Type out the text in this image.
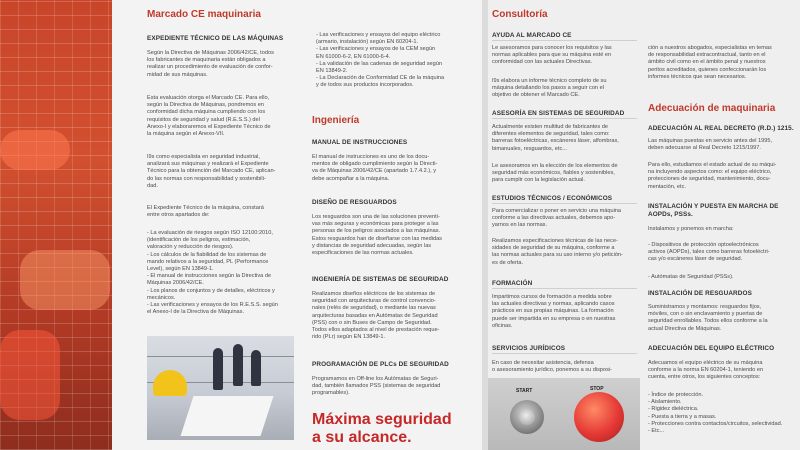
Marcado CE maquinaria
EXPEDIENTE TÉCNICO DE LAS MÁQUINAS
Según la Directiva de Máquinas 2006/42/CE, todos
los fabricantes de maquinaria están obligados a
realizar un procedimiento de evaluación de confor-
midad de sus máquinas.
Esta evaluación otorga el Marcado CE. Para ello,
según la Directiva de Máquinas, pondremos en
conformidad dicha máquina cumpliendo con los
requisitos de seguridad y salud (R.E.S.S.) del
Anexo-I y elaboraremos el Expediente Técnico de
la máquina según el Anexo-VII.
I9s como especialista en seguridad industrial,
analizará sus máquinas y realizará el Expediente
Técnico para la obtención del Marcado CE, aplican-
do las normas con responsabilidad y sostenibili-
dad.
El Expediente Técnico de la máquina, constará
entre otros apartados de:
- La evaluación de riesgos según ISO 12100:2010,
(identificación de los peligros, estimación,
valoración y reducción de riesgos).
- Los cálculos de la fiabilidad de los sistemas de
mando relativos a la seguridad, PL (Performance
Level), según EN 13849-1.
- El manual de instrucciones según la Directiva de
Máquinas 2006/42/CE.
- Los planos de conjuntos y de detalles, eléctricos y
mecánicos.
- Las verificaciones y ensayos de los R.E.S.S. según
el Anexo-I de la Directiva de Máquinas.
- Las verificaciones y ensayos del equipo eléctrico
(armario, instalación) según EN 60204-1.
- Las verificaciones y ensayos de la CEM según
EN 61000-6-2, EN 61000-6-4.
- La validación de las cadenas de seguridad según
EN 13849-2.
- La Declaración de Conformidad CE de la máquina
y de todos sus productos incorporados.
Ingeniería
MANUAL DE INSTRUCCIONES
El manual de instrucciones es uno de los docu-
mentos de obligado cumplimiento según la Directi-
va de Máquinas 2006/42/CE (apartado 1.7.4.2.), y
debe acompañar a la máquina.
DISEÑO DE RESGUARDOS
Los resguardos son una de las soluciones preventi-
vas más seguras y económicas para proteger a las
personas de los peligros asociados a las máquinas.
Estos resguardos han de diseñarse con las medidas
y distancias de seguridad adecuadas, según las
especificaciones de las normas actuales.
INGENIERÍA DE SISTEMAS DE SEGURIDAD
Realizamos diseños eléctricos de los sistemas de
seguridad con arquitecturas de control convencio-
nales (relés de seguridad), o mediante las nuevas
arquitecturas basadas en Autómatas de Seguridad
(PSS) con o sin Buses de Campo de Seguridad.
Todos ellos adaptados al nivel de prestación reque-
rido (PLr) según EN 13849-1.
PROGRAMACIÓN DE PLCs DE SEGURIDAD
Programamos en Off-line los Autómatas de Seguri-
dad, también llamados PSS (sistemas de seguridad
programables).
Máxima seguridad
a su alcance.
Consultoría
AYUDA AL MARCADO CE
Le asesoramos para conocer los requisitos y las
normas aplicables para que su máquina esté en
conformidad con las actuales Directivas.
I9s elabora un informe técnico completo de su
máquina detallando los pasos a seguir con el
objetivo de obtener el Marcado CE.
ASESORÍA EN SISTEMAS DE SEGURIDAD
Actualmente existen multitud de fabricantes de
diferentes elementos de seguridad, tales como:
barreras fotoeléctricas, escáneres láser, alfombras,
bimanuales, resguardos, etc...
Le asesoramos en la elección de los elementos de
seguridad más económicos, fiables y sostenibles,
para cumplir con la legislación actual.
ESTUDIOS TÉCNICOS / ECONÓMICOS
Para comercializar o poner en servicio una máquina
conforme a las directivas actuales, debemos apo-
yarnos en las normas.
Realizamos especificaciones técnicas de las nece-
sidades de seguridad de su máquina, conforme a
las normas actuales para su uso interno y/o petición-
es de oferta.
FORMACIÓN
Impartimos cursos de formación a medida sobre
las actuales directivas y normas, aplicando casos
prácticos en sus propias máquinas. La formación
puede ser impartida en su empresa o en nuestras
oficinas.
SERVICIOS JURÍDICOS
En caso de necesitar asistencia, defensa
o asesoramiento jurídico, ponemos a su disposi-
START	STOP
ción a nuestros abogados, especialistas en temas
de responsabilidad extracontractual, tanto en el
ámbito civil como en el ámbito penal y nuestros
peritos acreditados, quienes confeccionarán los
informes técnicos que sean necesarios.
Adecuación de maquinaria
ADECUACIÓN AL REAL DECRETO (R.D.) 1215.
Las máquinas puestas en servicio antes del 1995,
deben adecuarse al Real Decreto 1215/1997.
Para ello, estudiamos el estado actual de su máqui-
na incluyendo aspectos como: el equipo eléctrico,
protecciones de seguridad, mantenimiento, docu-
mentación, etc.
INSTALACIÓN Y PUESTA EN MARCHA DE
AOPDs, PSSs.
Instalamos y ponemos en marcha:
- Dispositivos de protección optoelectrónicos
activos (AOPDs), tales como barreras fotoeléctri-
cas y/o escáneres láser de seguridad.
- Autómatas de Seguridad (PSSs).
INSTALACIÓN DE RESGUARDOS
Suministramos y montamos: resguardos fijos,
móviles, con o sin enclavamiento y puertas de
seguridad enrollables. Todos ellos conforme a la
actual Directiva de Máquinas.
ADECUACIÓN DEL EQUIPO ELÉCTRICO
Adecuamos el equipo eléctrico de su máquina
conforme a la norma EN 60204-1, teniendo en
cuenta, entre otros, los siguientes conceptos:
- Índice de protección.
- Aislamiento.
- Rigidez dieléctrica.
- Puesta a tierra y a masas.
- Protecciones contra contactos/circuitos, selectividad.
- Etc...
